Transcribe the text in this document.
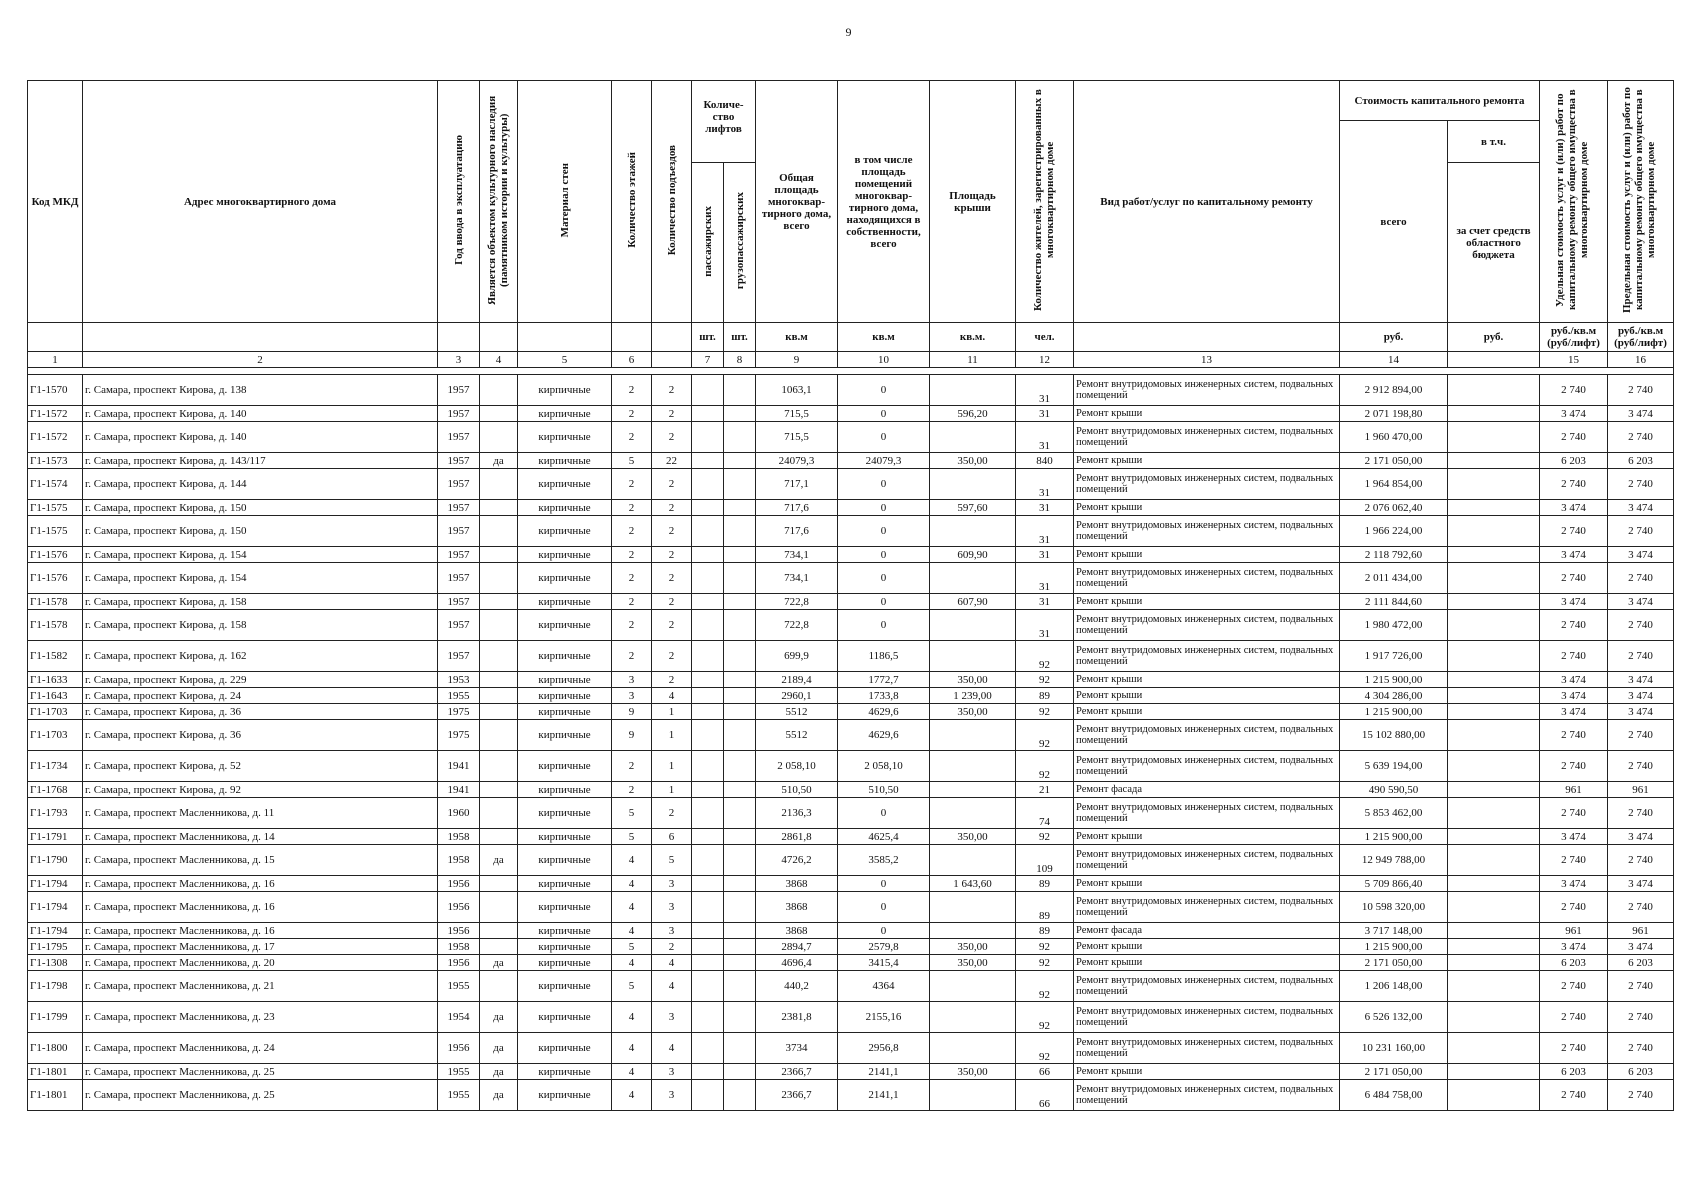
9
Код МКД	Адрес многоквартирного дома	Год ввода в эксплуатацию	Является объектом культурного наследия (памятником истории и культуры)	Материал стен	Количество этажей	Количество подъездов	Количе-ство лифтов		Общая площадь многоквар-тирного дома, всего	в том числе площадь помещений многоквар-тирного дома, находящихся в собственности, всего	Площадь крыши	Количество жителей, зарегистрированных в многоквартирном доме	Вид работ/услуг по капитальному ремонту	Стоимость капитального ремонта		Удельная стоимость услуг и (или) работ по капитальному ремонту общего имущества в многоквартирном доме	Предельная стоимость услуг и (или) работ по капитальному ремонту общего имущества в многоквартирном доме
														всего	в т.ч.		
							пассажирских	грузопассажирских							за счет средств областного бюджета		
							шт.	шт.	кв.м	кв.м	кв.м.	чел.		руб.	руб.	руб./кв.м (руб/лифт)	руб./кв.м (руб/лифт)
1	2	3	4	5	6		7	8	9	10	11	12	13	14		15	16

Г1-1570	г. Самара, проспект Кирова, д. 138	1957		кирпичные	2	2			1063,1	0		31	Ремонт внутридомовых инженерных систем, подвальных помещений	2 912 894,00		2 740	2 740
Г1-1572	г. Самара, проспект Кирова, д. 140	1957		кирпичные	2	2			715,5	0	596,20	31	Ремонт крыши	2 071 198,80		3 474	3 474
Г1-1572	г. Самара, проспект Кирова, д. 140	1957		кирпичные	2	2			715,5	0		31	Ремонт внутридомовых инженерных систем, подвальных помещений	1 960 470,00		2 740	2 740
Г1-1573	г. Самара, проспект Кирова, д. 143/117	1957	да	кирпичные	5	22			24079,3	24079,3	350,00	840	Ремонт крыши	2 171 050,00		6 203	6 203
Г1-1574	г. Самара, проспект Кирова, д. 144	1957		кирпичные	2	2			717,1	0		31	Ремонт внутридомовых инженерных систем, подвальных помещений	1 964 854,00		2 740	2 740
Г1-1575	г. Самара, проспект Кирова, д. 150	1957		кирпичные	2	2			717,6	0	597,60	31	Ремонт крыши	2 076 062,40		3 474	3 474
Г1-1575	г. Самара, проспект Кирова, д. 150	1957		кирпичные	2	2			717,6	0		31	Ремонт внутридомовых инженерных систем, подвальных помещений	1 966 224,00		2 740	2 740
Г1-1576	г. Самара, проспект Кирова, д. 154	1957		кирпичные	2	2			734,1	0	609,90	31	Ремонт крыши	2 118 792,60		3 474	3 474
Г1-1576	г. Самара, проспект Кирова, д. 154	1957		кирпичные	2	2			734,1	0		31	Ремонт внутридомовых инженерных систем, подвальных помещений	2 011 434,00		2 740	2 740
Г1-1578	г. Самара, проспект Кирова, д. 158	1957		кирпичные	2	2			722,8	0	607,90	31	Ремонт крыши	2 111 844,60		3 474	3 474
Г1-1578	г. Самара, проспект Кирова, д. 158	1957		кирпичные	2	2			722,8	0		31	Ремонт внутридомовых инженерных систем, подвальных помещений	1 980 472,00		2 740	2 740
Г1-1582	г. Самара, проспект Кирова, д. 162	1957		кирпичные	2	2			699,9	1186,5		92	Ремонт внутридомовых инженерных систем, подвальных помещений	1 917 726,00		2 740	2 740
Г1-1633	г. Самара, проспект Кирова, д. 229	1953		кирпичные	3	2			2189,4	1772,7	350,00	92	Ремонт крыши	1 215 900,00		3 474	3 474
Г1-1643	г. Самара, проспект Кирова, д. 24	1955		кирпичные	3	4			2960,1	1733,8	1 239,00	89	Ремонт крыши	4 304 286,00		3 474	3 474
Г1-1703	г. Самара, проспект Кирова, д. 36	1975		кирпичные	9	1			5512	4629,6	350,00	92	Ремонт крыши	1 215 900,00		3 474	3 474
Г1-1703	г. Самара, проспект Кирова, д. 36	1975		кирпичные	9	1			5512	4629,6		92	Ремонт внутридомовых инженерных систем, подвальных помещений	15 102 880,00		2 740	2 740
Г1-1734	г. Самара, проспект Кирова, д. 52	1941		кирпичные	2	1			2 058,10	2 058,10		92	Ремонт внутридомовых инженерных систем, подвальных помещений	5 639 194,00		2 740	2 740
Г1-1768	г. Самара, проспект Кирова, д. 92	1941		кирпичные	2	1			510,50	510,50		21	Ремонт фасада	490 590,50		961	961
Г1-1793	г. Самара, проспект Масленникова, д. 11	1960		кирпичные	5	2			2136,3	0		74	Ремонт внутридомовых инженерных систем, подвальных помещений	5 853 462,00		2 740	2 740
Г1-1791	г. Самара, проспект Масленникова, д. 14	1958		кирпичные	5	6			2861,8	4625,4	350,00	92	Ремонт крыши	1 215 900,00		3 474	3 474
Г1-1790	г. Самара, проспект Масленникова, д. 15	1958	да	кирпичные	4	5			4726,2	3585,2		109	Ремонт внутридомовых инженерных систем, подвальных помещений	12 949 788,00		2 740	2 740
Г1-1794	г. Самара, проспект Масленникова, д. 16	1956		кирпичные	4	3			3868	0	1 643,60	89	Ремонт крыши	5 709 866,40		3 474	3 474
Г1-1794	г. Самара, проспект Масленникова, д. 16	1956		кирпичные	4	3			3868	0		89	Ремонт внутридомовых инженерных систем, подвальных помещений	10 598 320,00		2 740	2 740
Г1-1794	г. Самара, проспект Масленникова, д. 16	1956		кирпичные	4	3			3868	0		89	Ремонт фасада	3 717 148,00		961	961
Г1-1795	г. Самара, проспект Масленникова, д. 17	1958		кирпичные	5	2			2894,7	2579,8	350,00	92	Ремонт крыши	1 215 900,00		3 474	3 474
Г1-1308	г. Самара, проспект Масленникова, д. 20	1956	да	кирпичные	4	4			4696,4	3415,4	350,00	92	Ремонт крыши	2 171 050,00		6 203	6 203
Г1-1798	г. Самара, проспект Масленникова, д. 21	1955		кирпичные	5	4			440,2	4364		92	Ремонт внутридомовых инженерных систем, подвальных помещений	1 206 148,00		2 740	2 740
Г1-1799	г. Самара, проспект Масленникова, д. 23	1954	да	кирпичные	4	3			2381,8	2155,16		92	Ремонт внутридомовых инженерных систем, подвальных помещений	6 526 132,00		2 740	2 740
Г1-1800	г. Самара, проспект Масленникова, д. 24	1956	да	кирпичные	4	4			3734	2956,8		92	Ремонт внутридомовых инженерных систем, подвальных помещений	10 231 160,00		2 740	2 740
Г1-1801	г. Самара, проспект Масленникова, д. 25	1955	да	кирпичные	4	3			2366,7	2141,1	350,00	66	Ремонт крыши	2 171 050,00		6 203	6 203
Г1-1801	г. Самара, проспект Масленникова, д. 25	1955	да	кирпичные	4	3			2366,7	2141,1		66	Ремонт внутридомовых инженерных систем, подвальных помещений	6 484 758,00		2 740	2 740
